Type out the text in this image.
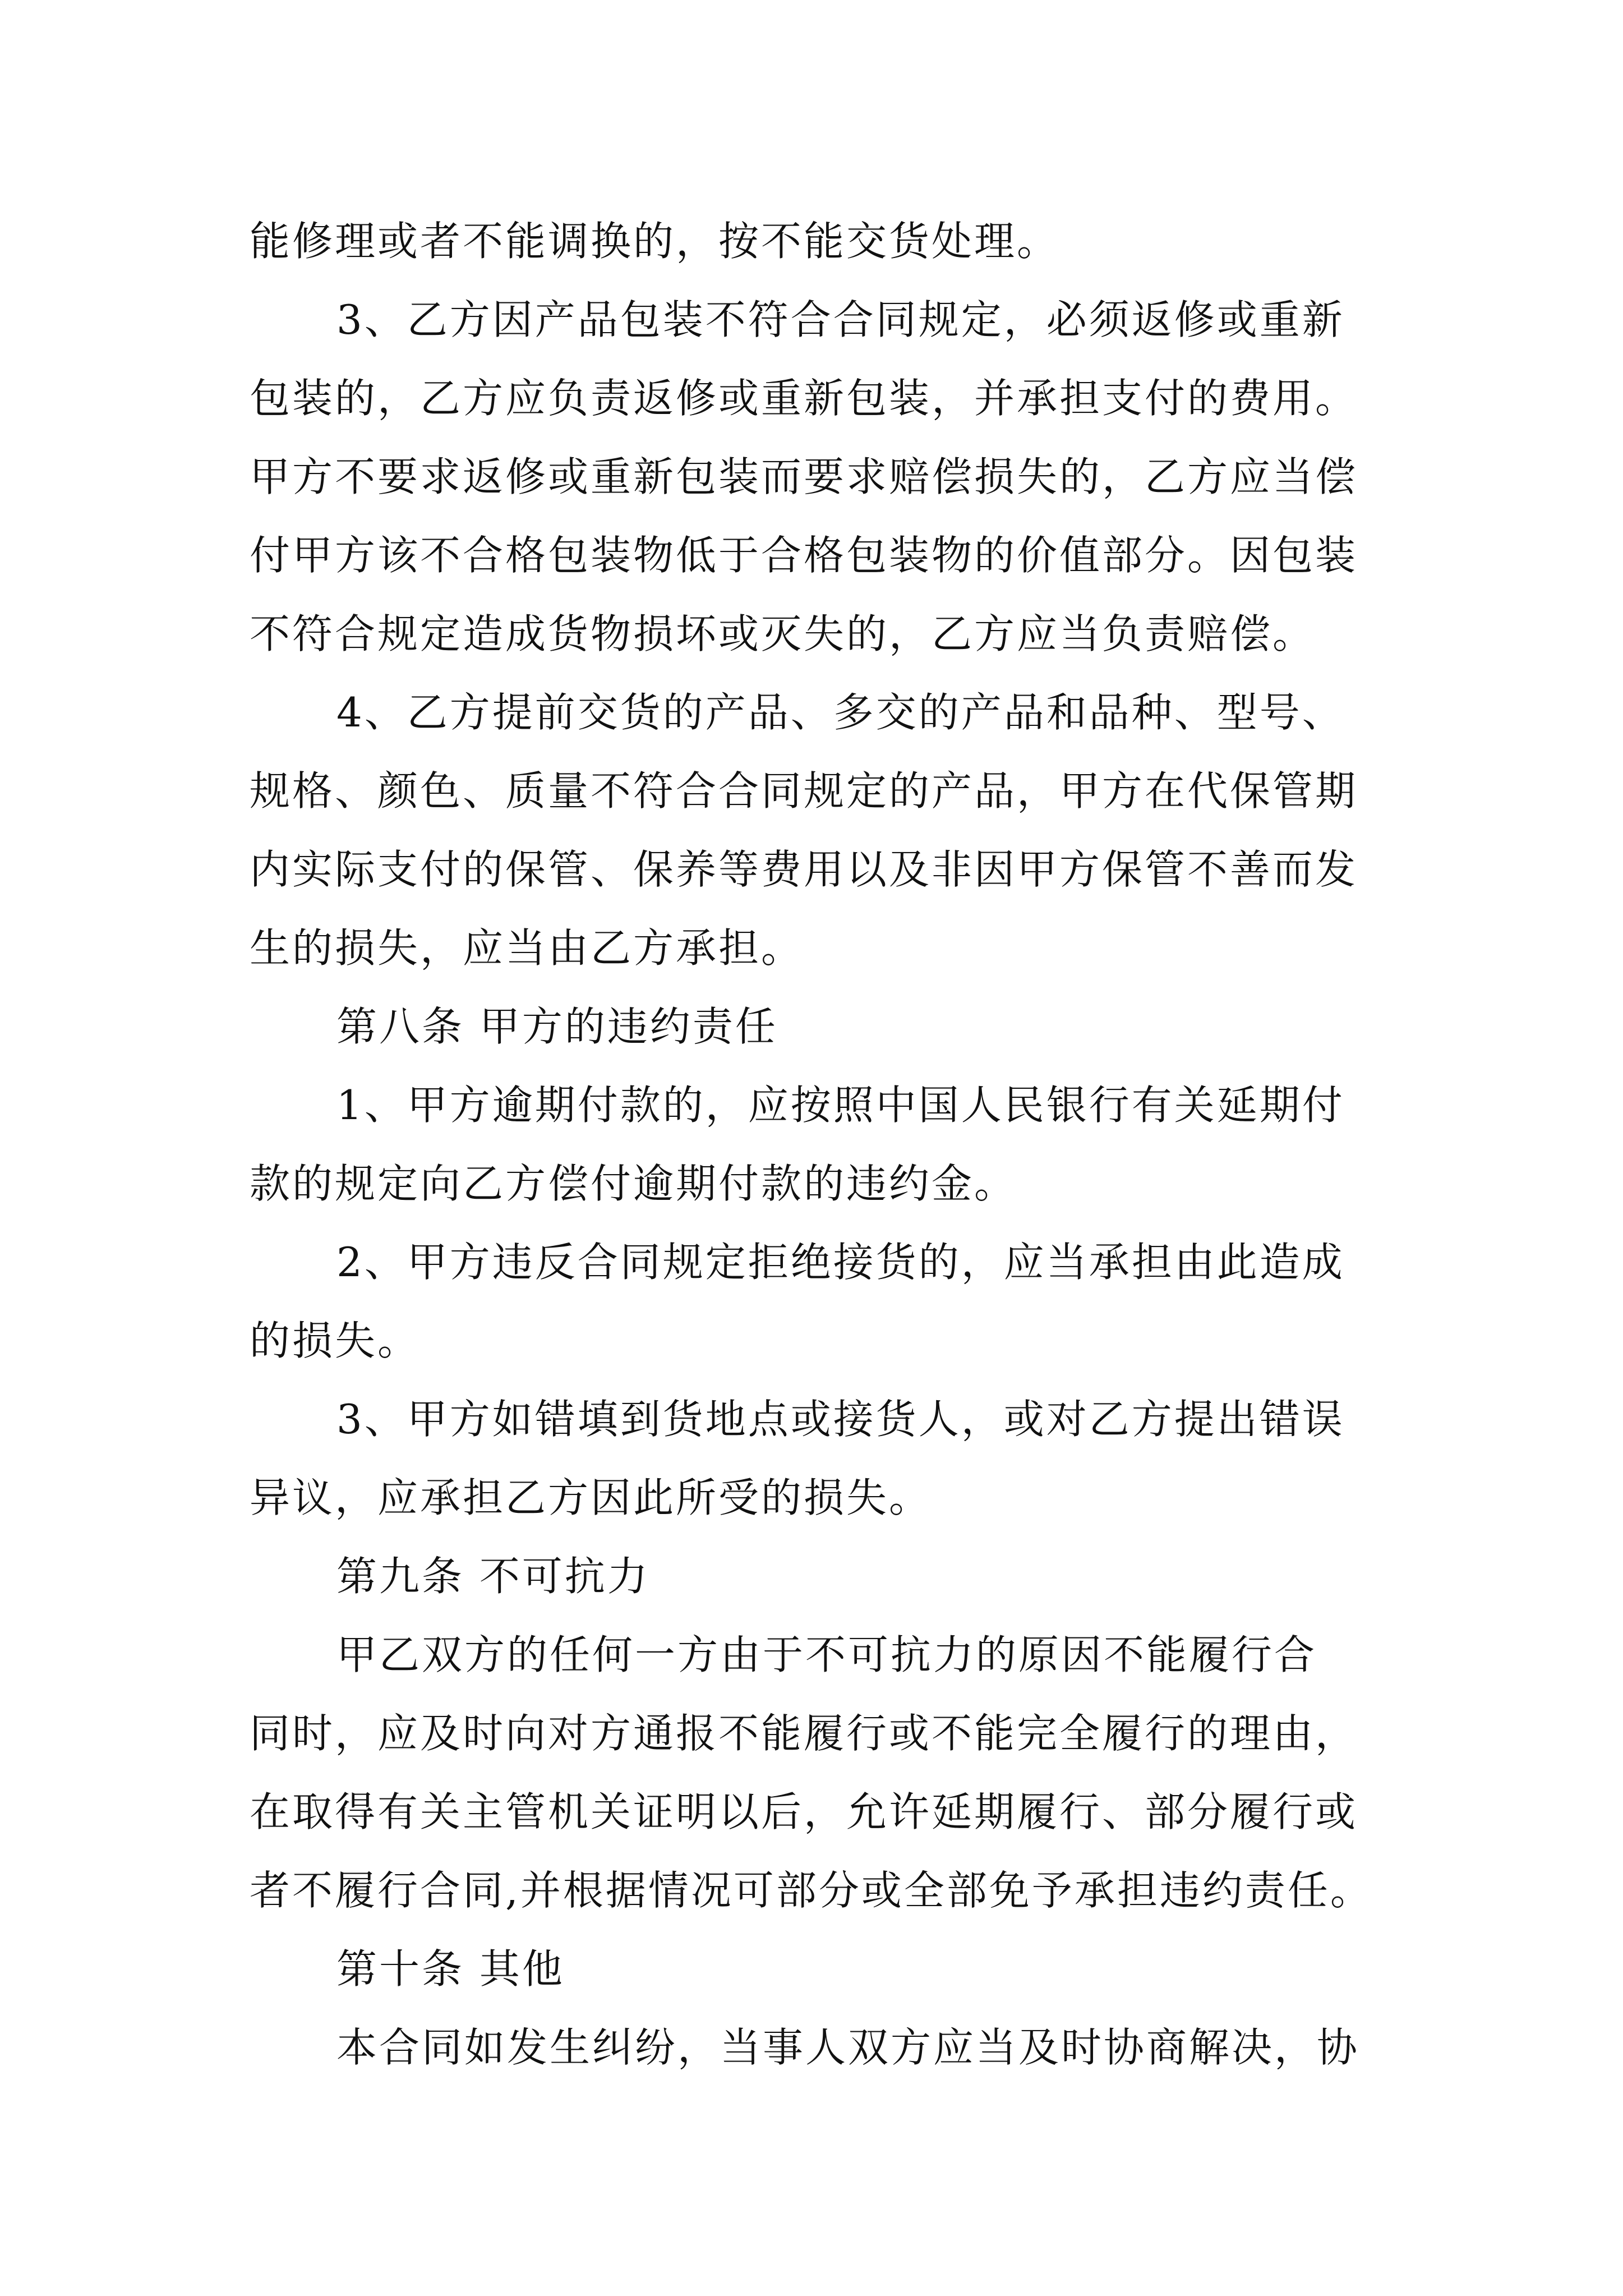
能修理或者不能调换的，按不能交货处理。
3、乙方因产品包装不符合合同规定，必须返修或重新
包装的，乙方应负责返修或重新包装，并承担支付的费用。
甲方不要求返修或重新包装而要求赔偿损失的，乙方应当偿
付甲方该不合格包装物低于合格包装物的价值部分。因包装
不符合规定造成货物损坏或灭失的，乙方应当负责赔偿。
4、乙方提前交货的产品、多交的产品和品种、型号、
规格、颜色、质量不符合合同规定的产品，甲方在代保管期
内实际支付的保管、保养等费用以及非因甲方保管不善而发
生的损失，应当由乙方承担。
第八条 甲方的违约责任
1、甲方逾期付款的，应按照中国人民银行有关延期付
款的规定向乙方偿付逾期付款的违约金。
2、甲方违反合同规定拒绝接货的，应当承担由此造成
的损失。
3、甲方如错填到货地点或接货人，或对乙方提出错误
异议，应承担乙方因此所受的损失。
第九条 不可抗力
甲乙双方的任何一方由于不可抗力的原因不能履行合
同时，应及时向对方通报不能履行或不能完全履行的理由，
在取得有关主管机关证明以后，允许延期履行、部分履行或
者不履行合同,并根据情况可部分或全部免予承担违约责任。
第十条 其他
本合同如发生纠纷，当事人双方应当及时协商解决，协
